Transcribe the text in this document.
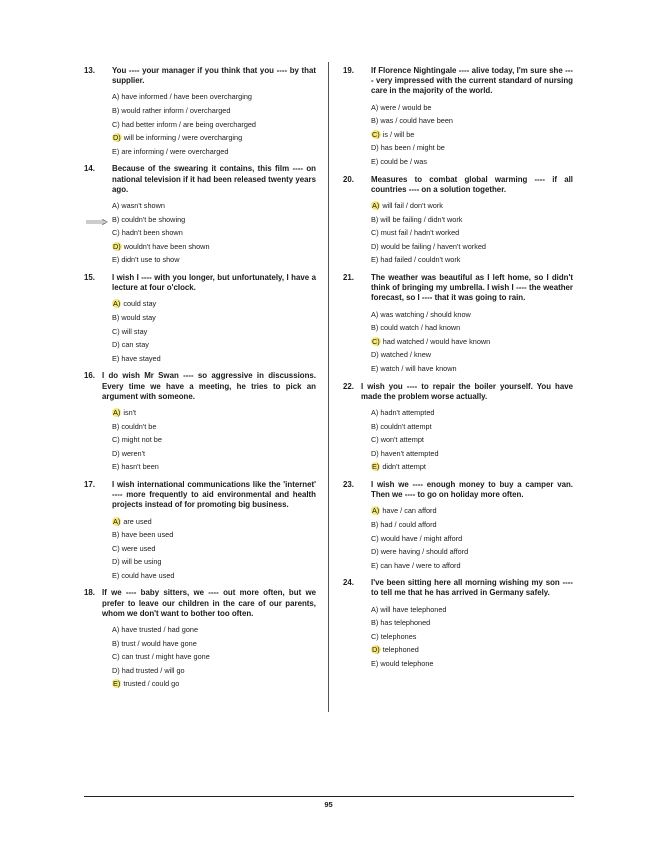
13.	You ---- your manager if you think that you ---- by that supplier.
A) have informed / have been overcharging
B) would rather inform / overcharged
C) had better inform / are being overcharged
D) will be informing / were overcharging
E) are informing / were overcharged
14.	Because of the swearing it contains, this film ---- on national television if it had been released twenty years ago.
A) wasn't shown
B) couldn't be showing
C) hadn't been shown
D) wouldn't have been shown
E) didn't use to show
15.	I wish I ---- with you longer, but unfortunately, I have a lecture at four o'clock.
A) could stay
B) would stay
C) will stay
D) can stay
E) have stayed
16. I do wish Mr Swan ---- so aggressive in discussions. Every time we have a meeting, he tries to pick an argument with someone.
A) isn't
B) couldn't be
C) might not be
D) weren't
E) hasn't been
17.	I wish international communications like the 'internet' ---- more frequently to aid environmental and health projects instead of for promoting big business.
A) are used
B) have been used
C) were used
D) will be using
E) could have used
18. If we ---- baby sitters, we ---- out more often, but we prefer to leave our children in the care of our parents, whom we don't want to bother too often.
A) have trusted / had gone
B) trust / would have gone
C) can trust / might have gone
D) had trusted / will go
E) trusted / could go
19.	If Florence Nightingale ---- alive today, I'm sure she ---- very impressed with the current standard of nursing care in the majority of the world.
A) were / would be
B) was / could have been
C) is / will be
D) has been / might be
E) could be / was
20.	Measures to combat global warming ---- if all countries ---- on a solution together.
A) will fail / don't work
B) will be failing / didn't work
C) must fail / hadn't worked
D) would be failing / haven't worked
E) had failed / couldn't work
21.	The weather was beautiful as I left home, so I didn't think of bringing my umbrella. I wish I ---- the weather forecast, so I ---- that it was going to rain.
A) was watching / should know
B) could watch / had known
C) had watched / would have known
D) watched / knew
E) watch / will have known
22. I wish you ---- to repair the boiler yourself. You have made the problem worse actually.
A) hadn't attempted
B) couldn't attempt
C) won't attempt
D) haven't attempted
E) didn't attempt
23.	I wish we ---- enough money to buy a camper van. Then we ---- to go on holiday more often.
A) have / can afford
B) had / could afford
C) would have / might afford
D) were having / should afford
E) can have / were to afford
24.	I've been sitting here all morning wishing my son ---- to tell me that he has arrived in Germany safely.
A) will have telephoned
B) has telephoned
C) telephones
D) telephoned
E) would telephone
95
